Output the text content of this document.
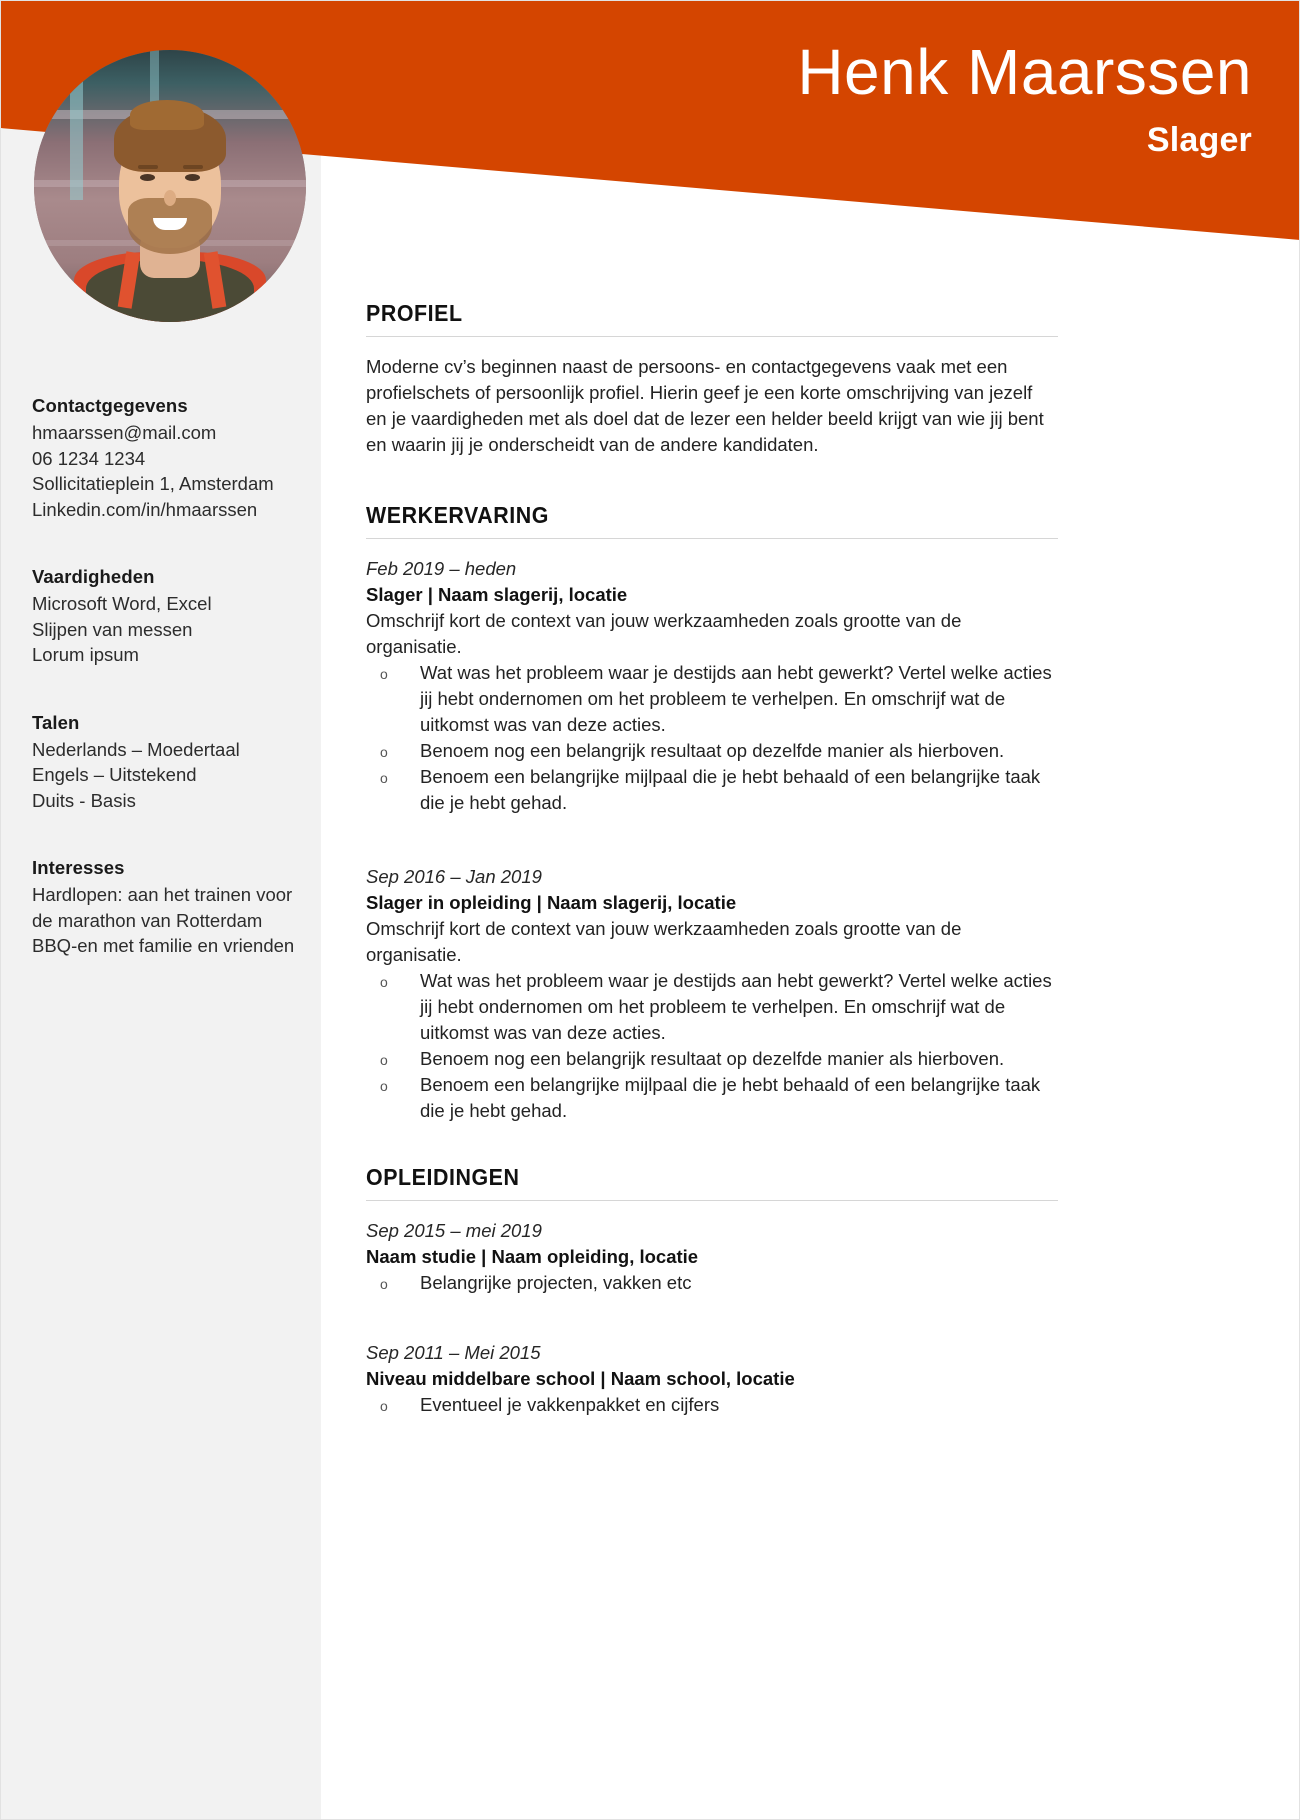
Henk Maarssen
Slager
Contactgegevens
hmaarssen@mail.com
06 1234 1234
Sollicitatieplein 1, Amsterdam
Linkedin.com/in/hmaarssen
Vaardigheden
Microsoft Word, Excel
Slijpen van messen
Lorum ipsum
Talen
Nederlands – Moedertaal
Engels – Uitstekend
Duits - Basis
Interesses
Hardlopen: aan het trainen voor de marathon van Rotterdam
BBQ-en met familie en vrienden
PROFIEL
Moderne cv’s beginnen naast de persoons- en contactgegevens vaak met een profielschets of persoonlijk profiel. Hierin geef je een korte omschrijving van jezelf en je vaardigheden met als doel dat de lezer een helder beeld krijgt van wie jij bent en waarin jij je onderscheidt van de andere kandidaten.
WERKERVARING
Feb 2019 – heden
Slager | Naam slagerij, locatie
Omschrijf kort de context van jouw werkzaamheden zoals grootte van de organisatie.
o Wat was het probleem waar je destijds aan hebt gewerkt? Vertel welke acties jij hebt ondernomen om het probleem te verhelpen. En omschrijf wat de uitkomst was van deze acties.
o Benoem nog een belangrijk resultaat op dezelfde manier als hierboven.
o Benoem een belangrijke mijlpaal die je hebt behaald of een belangrijke taak die je hebt gehad.
Sep 2016 – Jan 2019
Slager in opleiding | Naam slagerij, locatie
Omschrijf kort de context van jouw werkzaamheden zoals grootte van de organisatie.
o Wat was het probleem waar je destijds aan hebt gewerkt? Vertel welke acties jij hebt ondernomen om het probleem te verhelpen. En omschrijf wat de uitkomst was van deze acties.
o Benoem nog een belangrijk resultaat op dezelfde manier als hierboven.
o Benoem een belangrijke mijlpaal die je hebt behaald of een belangrijke taak die je hebt gehad.
OPLEIDINGEN
Sep 2015 – mei 2019
Naam studie | Naam opleiding, locatie
o Belangrijke projecten, vakken etc
Sep 2011 – Mei 2015
Niveau middelbare school | Naam school, locatie
o Eventueel je vakkenpakket en cijfers
